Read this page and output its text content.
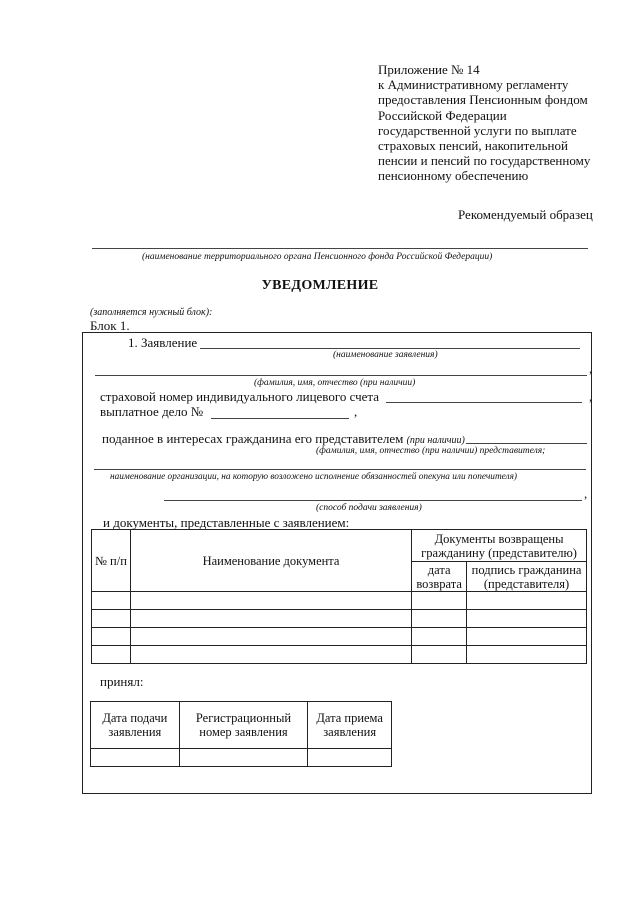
Приложение № 14
к Административному регламенту
предоставления Пенсионным фондом
Российской Федерации
государственной услуги по выплате
страховых пенсий, накопительной
пенсии и пенсий по государственному
пенсионному обеспечению
Рекомендуемый образец
(наименование территориального органа Пенсионного фонда Российской Федерации)
УВЕДОМЛЕНИЕ
(заполняется нужный блок):
Блок 1.
1. Заявление
(наименование заявления)
,
(фамилия, имя, отчество (при наличии)
страховой номер индивидуального лицевого счета	,
выплатное дело №	,
поданное в интересах гражданина его представителем (при наличии)
(фамилия, имя, отчество (при наличии) представителя;
наименование организации, на которую возложено исполнение обязанностей опекуна или попечителя)
,
(способ подачи заявления)
и документы, представленные с заявлением:
№ п/п	Наименование документа	Документы возвращены гражданину (представителю)	
		дата возврата	подпись гражданина (представителя)

принял:
Дата подачи заявления	Регистрационный номер заявления	Дата приема заявления
